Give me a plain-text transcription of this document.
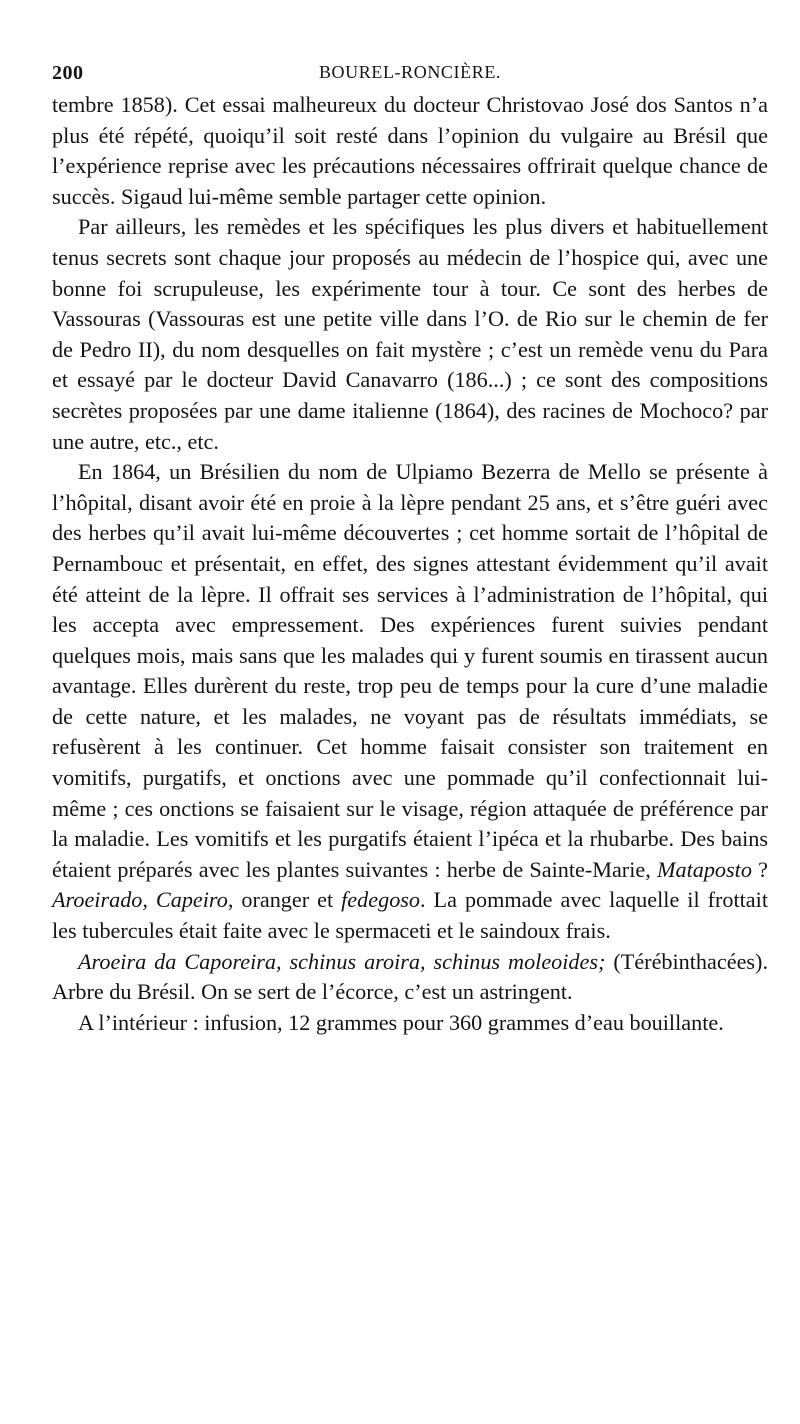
200	BOUREL-RONCIÈRE.

tembre 1858). Cet essai malheureux du docteur Christovao José dos Santos n’a plus été répété, quoiqu’il soit resté dans l’opinion du vulgaire au Brésil que l’expérience reprise avec les précautions nécessaires offrirait quelque chance de succès. Sigaud lui-même semble partager cette opinion.

Par ailleurs, les remèdes et les spécifiques les plus divers et habituellement tenus secrets sont chaque jour proposés au médecin de l’hospice qui, avec une bonne foi scrupuleuse, les expérimente tour à tour. Ce sont des herbes de Vassouras (Vassouras est une petite ville dans l’O. de Rio sur le chemin de fer de Pedro II), du nom desquelles on fait mystère ; c’est un remède venu du Para et essayé par le docteur David Canavarro (186...) ; ce sont des compositions secrètes proposées par une dame italienne (1864), des racines de Mochoco? par une autre, etc., etc.

En 1864, un Brésilien du nom de Ulpiamo Bezerra de Mello se présente à l’hôpital, disant avoir été en proie à la lèpre pendant 25 ans, et s’être guéri avec des herbes qu’il avait lui-même découvertes ; cet homme sortait de l’hôpital de Pernambouc et présentait, en effet, des signes attestant évidemment qu’il avait été atteint de la lèpre. Il offrait ses services à l’administration de l’hôpital, qui les accepta avec empressement. Des expériences furent suivies pendant quelques mois, mais sans que les malades qui y furent soumis en tirassent aucun avantage. Elles durèrent du reste, trop peu de temps pour la cure d’une maladie de cette nature, et les malades, ne voyant pas de résultats immédiats, se refusèrent à les continuer. Cet homme faisait consister son traitement en vomitifs, purgatifs, et onctions avec une pommade qu’il confectionnait lui-même ; ces onctions se faisaient sur le visage, région attaquée de préférence par la maladie. Les vomitifs et les purgatifs étaient l’ipéca et la rhubarbe. Des bains étaient préparés avec les plantes suivantes : herbe de Sainte-Marie, Mataposto ? Aroeirado, Capeiro, oranger et fedegoso. La pommade avec laquelle il frottait les tubercules était faite avec le spermaceti et le saindoux frais.

Aroeira da Caporeira, schinus aroira, schinus moleoides; (Térébinthacées). Arbre du Brésil. On se sert de l’écorce, c’est un astringent.

A l’intérieur : infusion, 12 grammes pour 360 grammes d’eau bouillante.
